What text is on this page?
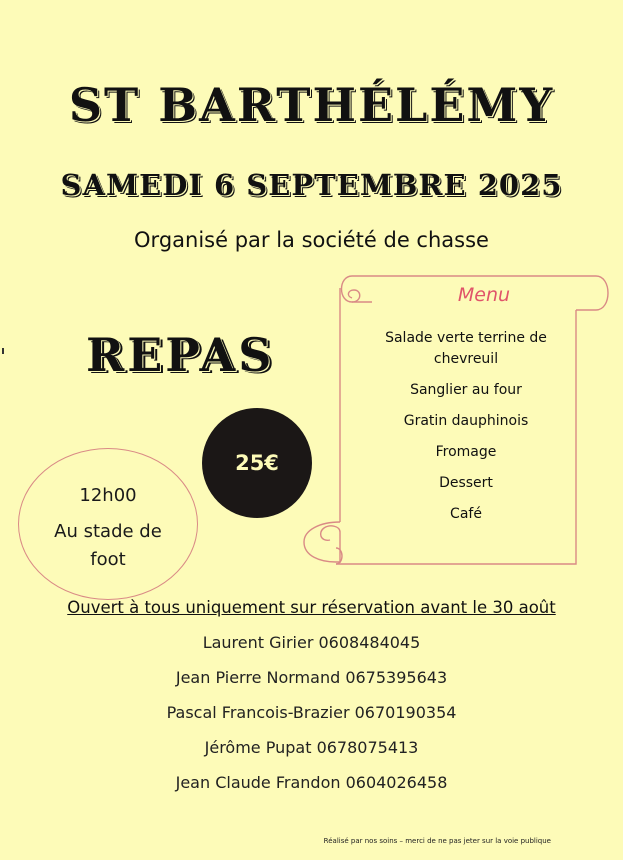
ST BARTHÉLÉMY
SAMEDI 6 SEPTEMBRE 2025
Organisé par la société de chasse
REPAS
Menu
Salade verte terrine de chevreuil
Sanglier au four
Gratin dauphinois
Fromage
Dessert
Café
25€
12h00
Au stade de foot
Ouvert à tous uniquement sur réservation avant le 30 août
Laurent Girier 0608484045
Jean Pierre Normand 0675395643
Pascal Francois-Brazier 0670190354
Jérôme Pupat 0678075413
Jean Claude Frandon 0604026458
Réalisé par nos soins – merci de ne pas jeter sur la voie publique
